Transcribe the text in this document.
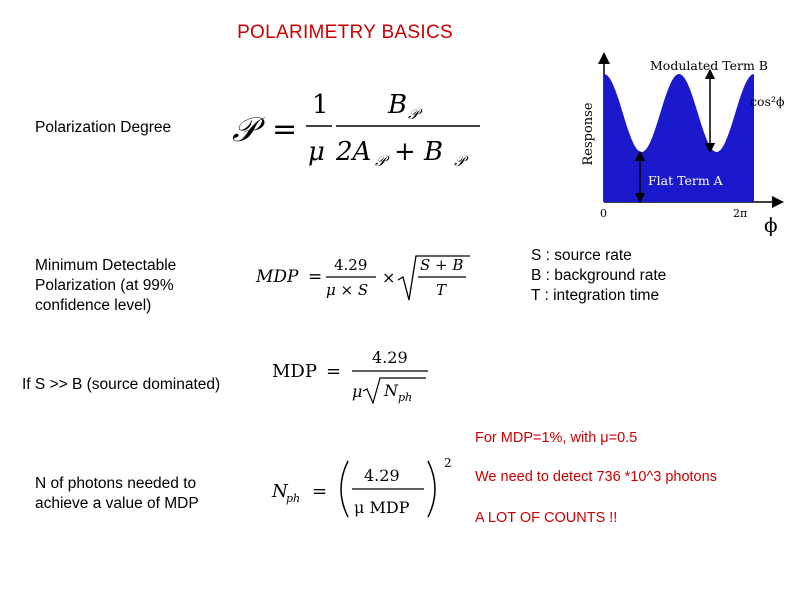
POLARIMETRY BASICS
Polarization Degree 𝒫 =
1
μ
B 𝒫
2A 𝒫 + B 𝒫	Response
Modulated Term B
cos²ϕ
Flat Term A
0	2π ϕ
Minimum Detectable
Polarization (at 99%
confidence level)
MDP =
4.29
μ × S
×
S + B
T
S : source rate
B : background rate
T : integration time
If S >> B (source dominated)
MDP =
4.29
μ N ph
For MDP=1%, with μ=0.5
We need to detect 736 *10^3 photons
A LOT OF COUNTS !!
N of photons needed to
achieve a value of MDP
N
ph =
4.29
μ MDP
2
